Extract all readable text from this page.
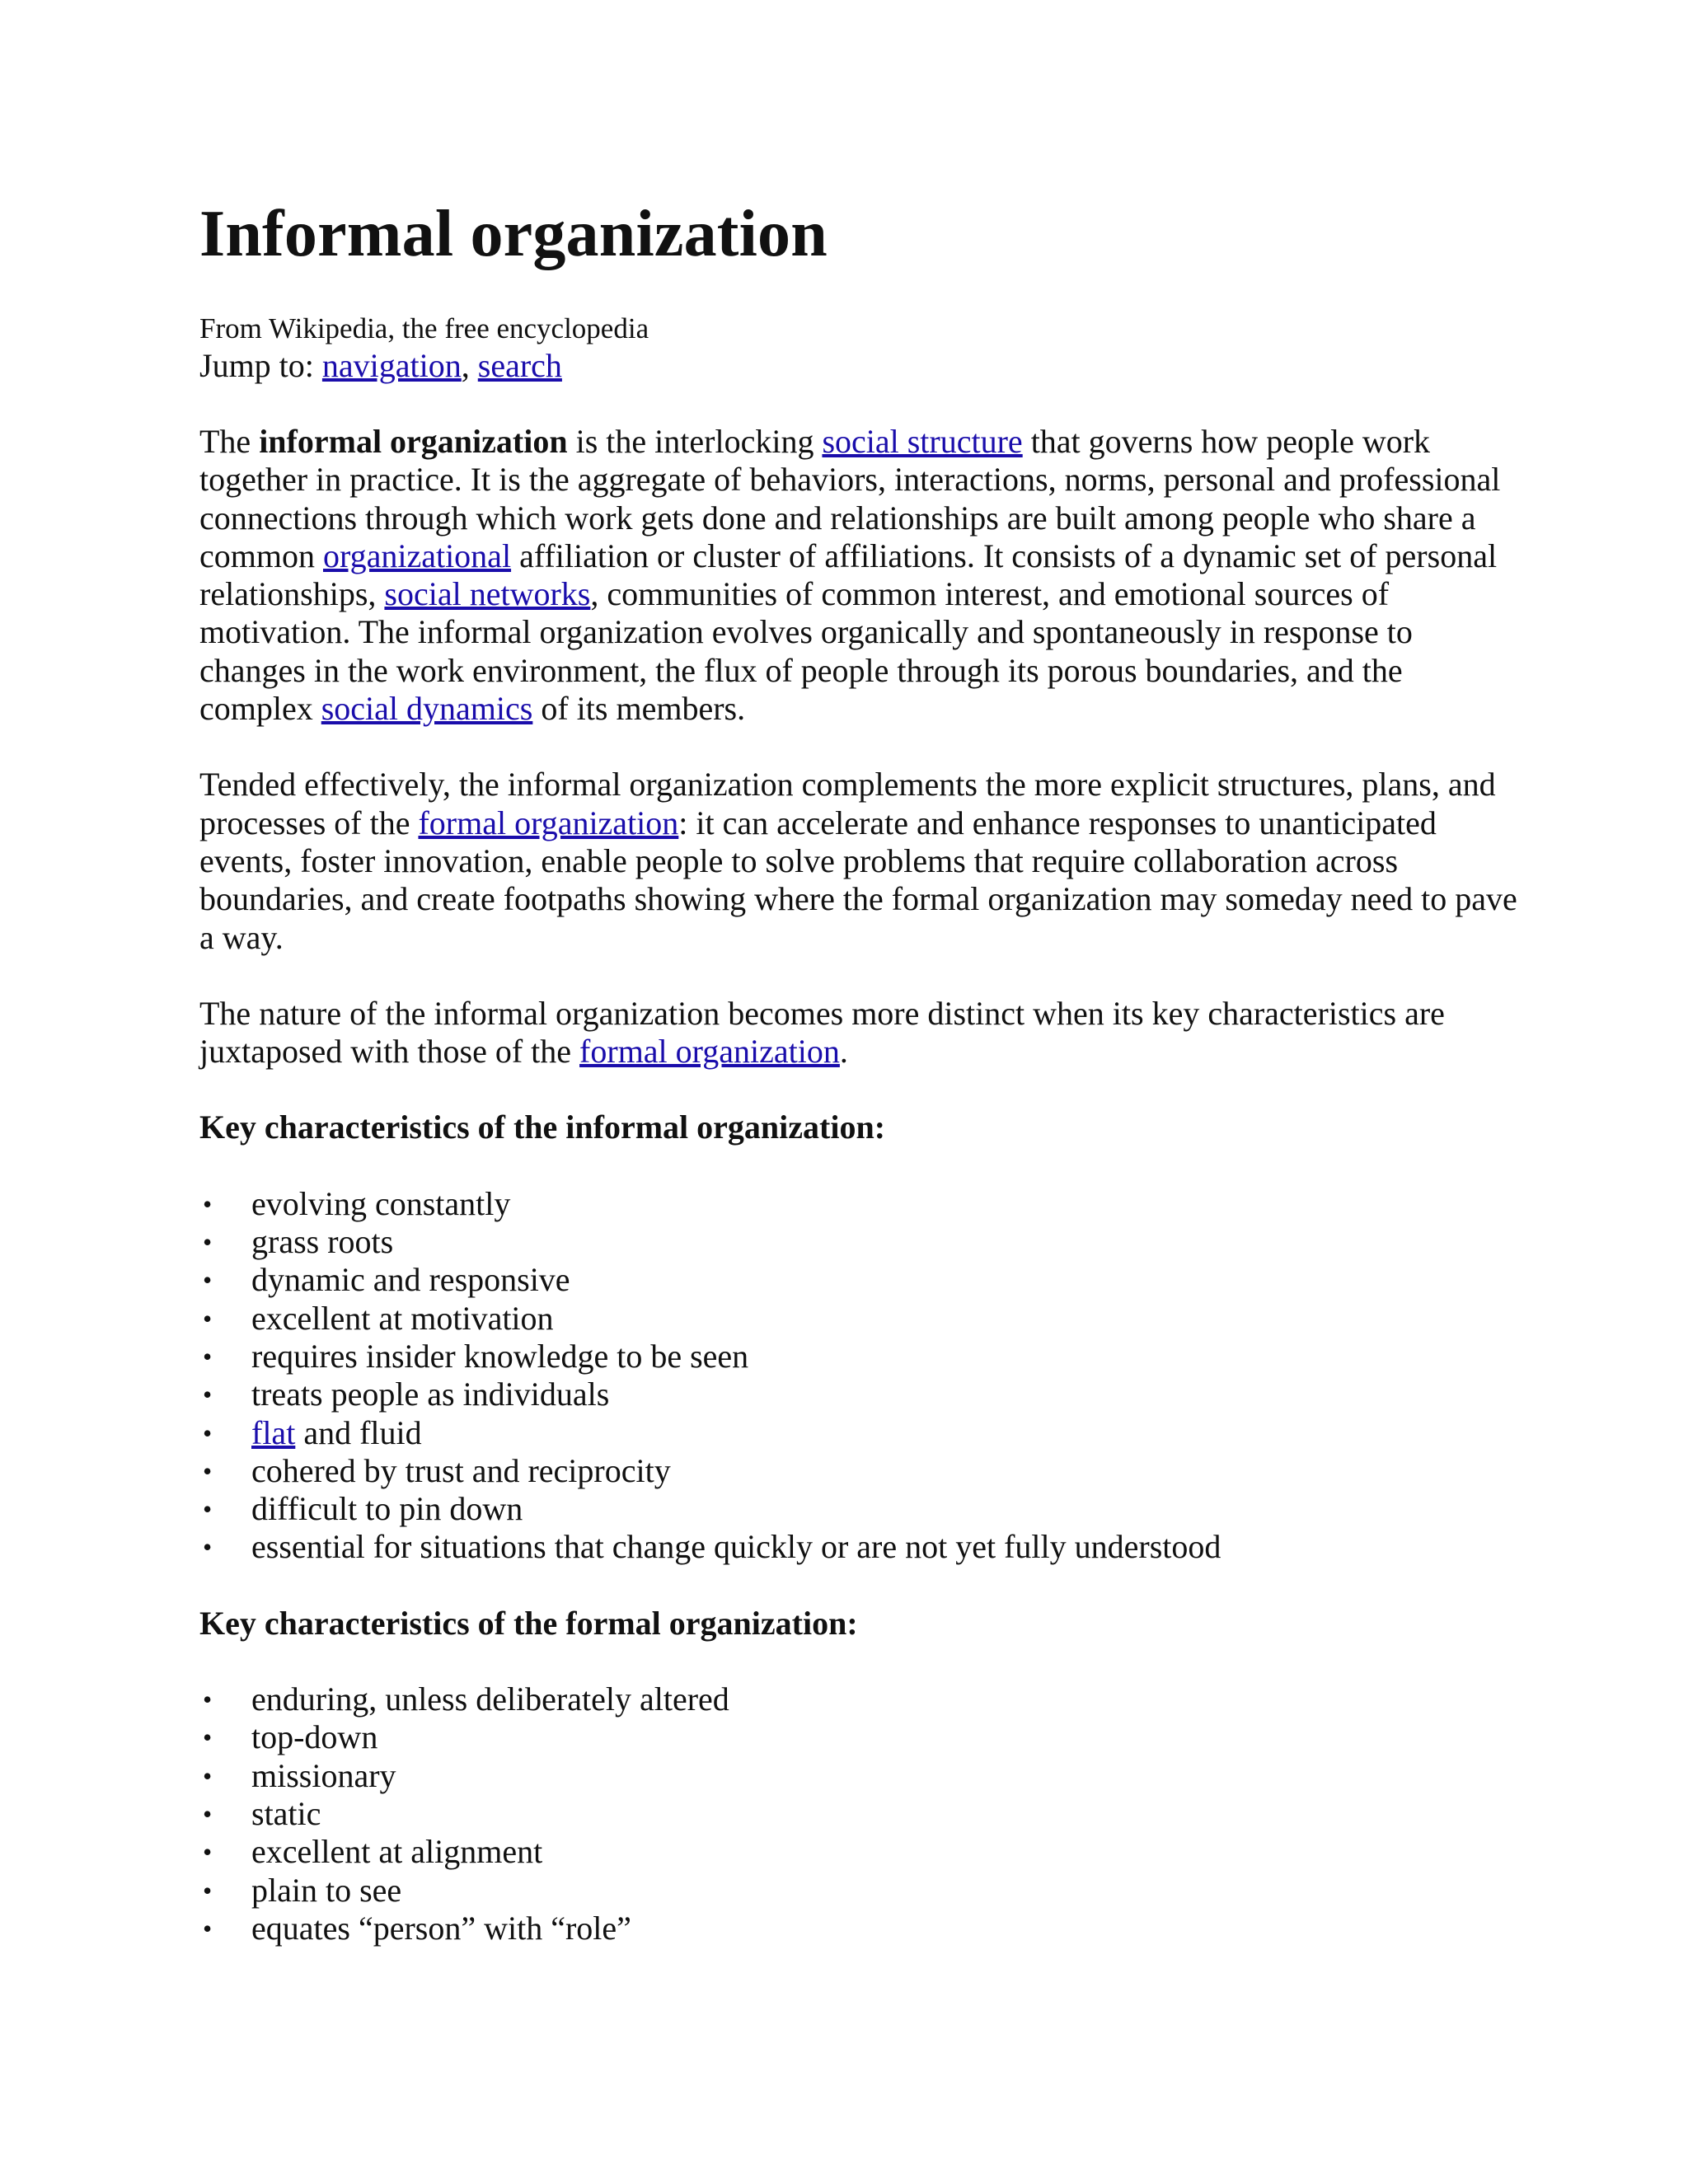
Informal organization
From Wikipedia, the free encyclopedia
Jump to: navigation, search

The informal organization is the interlocking social structure that governs how people work together in practice. It is the aggregate of behaviors, interactions, norms, personal and professional connections through which work gets done and relationships are built among people who share a common organizational affiliation or cluster of affiliations. It consists of a dynamic set of personal relationships, social networks, communities of common interest, and emotional sources of motivation. The informal organization evolves organically and spontaneously in response to changes in the work environment, the flux of people through its porous boundaries, and the complex social dynamics of its members.

Tended effectively, the informal organization complements the more explicit structures, plans, and processes of the formal organization: it can accelerate and enhance responses to unanticipated events, foster innovation, enable people to solve problems that require collaboration across boundaries, and create footpaths showing where the formal organization may someday need to pave a way.

The nature of the informal organization becomes more distinct when its key characteristics are juxtaposed with those of the formal organization.

Key characteristics of the informal organization:
• evolving constantly
• grass roots
• dynamic and responsive
• excellent at motivation
• requires insider knowledge to be seen
• treats people as individuals
• flat and fluid
• cohered by trust and reciprocity
• difficult to pin down
• essential for situations that change quickly or are not yet fully understood
Key characteristics of the formal organization:
• enduring, unless deliberately altered
• top-down
• missionary
• static
• excellent at alignment
• plain to see
• equates “person” with “role”
